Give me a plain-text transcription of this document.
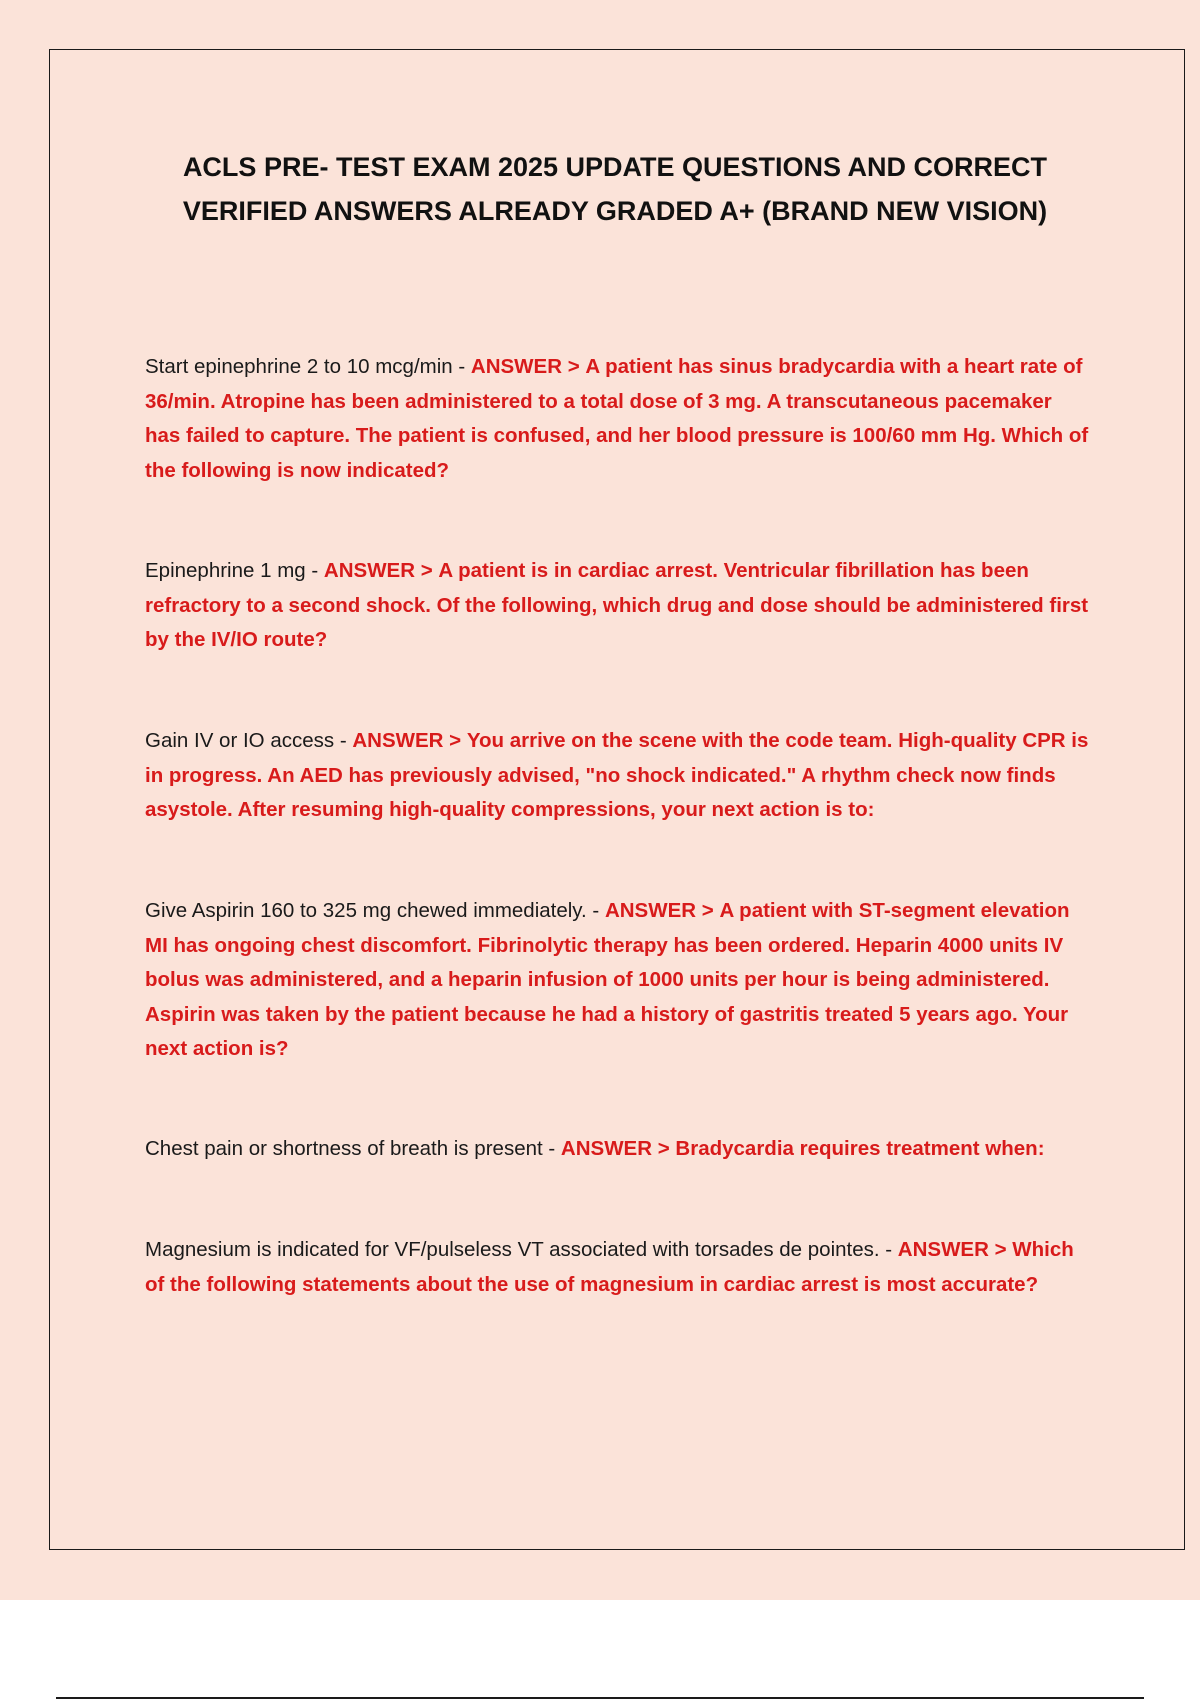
ACLS PRE- TEST EXAM 2025 UPDATE QUESTIONS AND CORRECT
VERIFIED ANSWERS ALREADY GRADED A+ (BRAND NEW VISION)

Start epinephrine 2 to 10 mcg/min - ANSWER > A patient has sinus bradycardia with a heart rate of 36/min. Atropine has been administered to a total dose of 3 mg. A transcutaneous pacemaker has failed to capture. The patient is confused, and her blood pressure is 100/60 mm Hg. Which of the following is now indicated?

Epinephrine 1 mg - ANSWER > A patient is in cardiac arrest. Ventricular fibrillation has been refractory to a second shock. Of the following, which drug and dose should be administered first by the IV/IO route?

Gain IV or IO access - ANSWER > You arrive on the scene with the code team. High-quality CPR is in progress. An AED has previously advised, "no shock indicated." A rhythm check now finds asystole. After resuming high-quality compressions, your next action is to:

Give Aspirin 160 to 325 mg chewed immediately. - ANSWER > A patient with ST-segment elevation MI has ongoing chest discomfort. Fibrinolytic therapy has been ordered. Heparin 4000 units IV bolus was administered, and a heparin infusion of 1000 units per hour is being administered. Aspirin was taken by the patient because he had a history of gastritis treated 5 years ago. Your next action is?

Chest pain or shortness of breath is present - ANSWER > Bradycardia requires treatment when:

Magnesium is indicated for VF/pulseless VT associated with torsades de pointes. - ANSWER > Which of the following statements about the use of magnesium in cardiac arrest is most accurate?
